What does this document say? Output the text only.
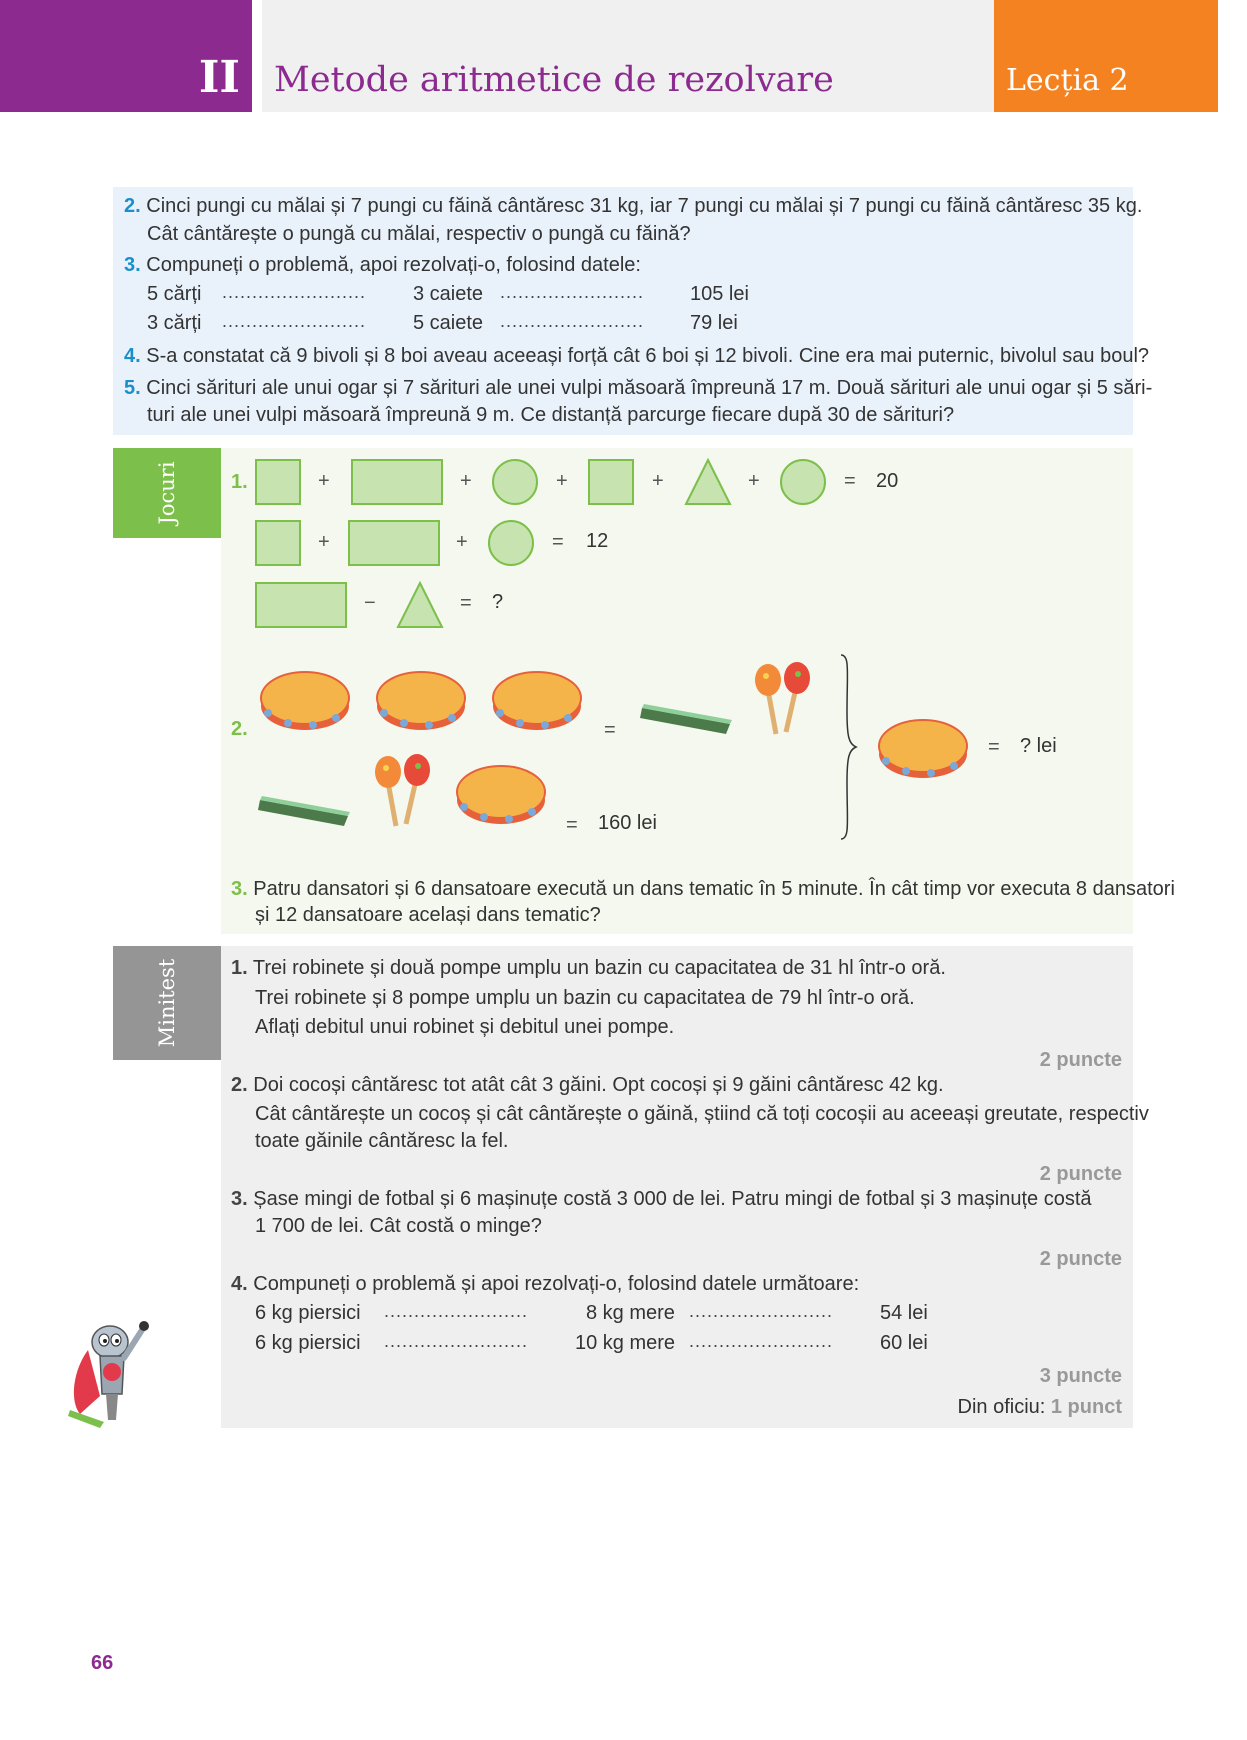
II Metode aritmetice de rezolvare	Lecția 2
2. Cinci pungi cu mălai și 7 pungi cu făină cântăresc 31 kg, iar 7 pungi cu mălai și 7 pungi cu făină cântăresc 35 kg.
Cât cântărește o pungă cu mălai, respectiv o pungă cu făină?
3. Compuneți o problemă, apoi rezolvați-o, folosind datele:
5 cărți ........................ 3 caiete ........................ 105 lei
3 cărți ........................ 5 caiete ........................ 79 lei
4. S-a constatat că 9 bivoli și 8 boi aveau aceeași forță cât 6 boi și 12 bivoli. Cine era mai puternic, bivolul sau boul?
5. Cinci sărituri ale unui ogar și 7 sărituri ale unei vulpi măsoară împreună 17 m. Două sărituri ale unui ogar și 5 sări-
turi ale unei vulpi măsoară împreună 9 m. Ce distanță parcurge fiecare după 30 de sărituri?
Jocuri	1.	+	+	+	+	+	= 20
+	+	= 12
−	= ?
2.	=
= ? lei
= 160 lei
3. Patru dansatori și 6 dansatoare execută un dans tematic în 5 minute. În cât timp vor executa 8 dansatori
și 12 dansatoare același dans tematic?
Minitest	1. Trei robinete și două pompe umplu un bazin cu capacitatea de 31 hl într-o oră.
Trei robinete și 8 pompe umplu un bazin cu capacitatea de 79 hl într-o oră.
Aflați debitul unui robinet și debitul unei pompe.
2 puncte
2. Doi cocoși cântăresc tot atât cât 3 găini. Opt cocoși și 9 găini cântăresc 42 kg.
Cât cântărește un cocoș și cât cântărește o găină, știind că toți cocoșii au aceeași greutate, respectiv
toate găinile cântăresc la fel.
2 puncte
3. Șase mingi de fotbal și 6 mașinuțe costă 3 000 de lei. Patru mingi de fotbal și 3 mașinuțe costă
1 700 de lei. Cât costă o minge?
2 puncte
4. Compuneți o problemă și apoi rezolvați-o, folosind datele următoare:
6 kg piersici ........................	8 kg mere ........................ 54 lei
6 kg piersici ........................ 10 kg mere ........................ 60 lei
3 puncte
Din oficiu: 1 punct
66
